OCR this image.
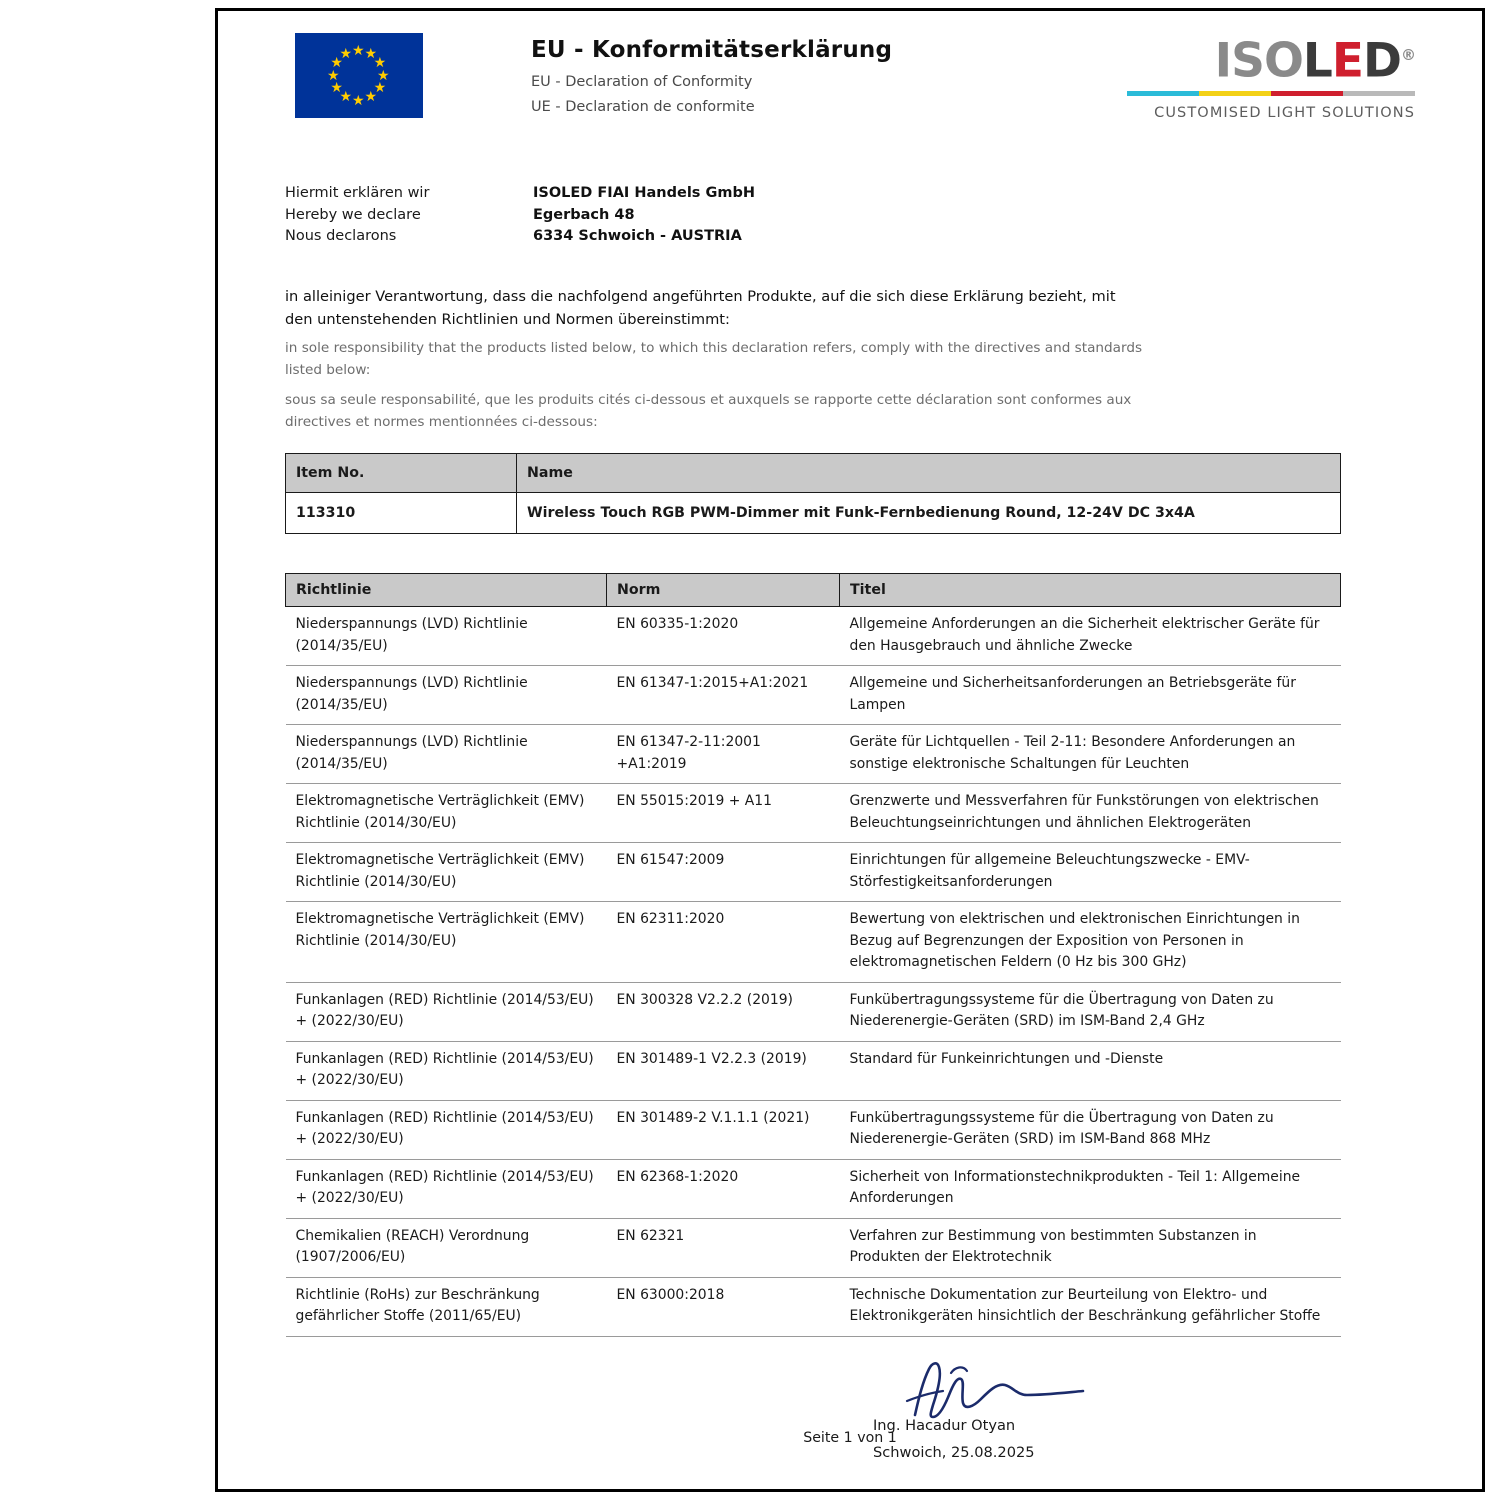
★ ★
★
★
★
★
★
★
★
★
★
★	EU - Konformitätserklärung
EU - Declaration of Conformity
UE - Declaration de conformite
ISOLED®
CUSTOMISED LIGHT SOLUTIONS
Hiermit erklären wir
Hereby we declare
Nous declarons
ISOLED FIAI Handels GmbH
Egerbach 48
6334 Schwoich - AUSTRIA
in alleiniger Verantwortung, dass die nachfolgend angeführten Produkte, auf die sich diese Erklärung bezieht, mit
den untenstehenden Richtlinien und Normen übereinstimmt:
in sole responsibility that the products listed below, to which this declaration refers, comply with the directives and standards
listed below:
sous sa seule responsabilité, que les produits cités ci-dessous et auxquels se rapporte cette déclaration sont conformes aux
directives et normes mentionnées ci-dessous:
Item No.	Name
113310	Wireless Touch RGB PWM-Dimmer mit Funk-Fernbedienung Round, 12-24V DC 3x4A
Richtlinie	Norm	Titel
Niederspannungs (LVD) Richtlinie (2014/35/EU)	EN 60335-1:2020	Allgemeine Anforderungen an die Sicherheit elektrischer Geräte für den Hausgebrauch und ähnliche Zwecke
Niederspannungs (LVD) Richtlinie (2014/35/EU)	EN 61347-1:2015+A1:2021	Allgemeine und Sicherheitsanforderungen an Betriebsgeräte für Lampen
Niederspannungs (LVD) Richtlinie (2014/35/EU)	EN 61347-2-11:2001 +A1:2019	Geräte für Lichtquellen - Teil 2-11: Besondere Anforderungen an sonstige elektronische Schaltungen für Leuchten
Elektromagnetische Verträglichkeit (EMV) Richtlinie (2014/30/EU)	EN 55015:2019 + A11	Grenzwerte und Messverfahren für Funkstörungen von elektrischen Beleuchtungseinrichtungen und ähnlichen Elektrogeräten
Elektromagnetische Verträglichkeit (EMV) Richtlinie (2014/30/EU)	EN 61547:2009	Einrichtungen für allgemeine Beleuchtungszwecke - EMV-Störfestigkeitsanforderungen
Elektromagnetische Verträglichkeit (EMV) Richtlinie (2014/30/EU)	EN 62311:2020	Bewertung von elektrischen und elektronischen Einrichtungen in Bezug auf Begrenzungen der Exposition von Personen in elektromagnetischen Feldern (0 Hz bis 300 GHz)
Funkanlagen (RED) Richtlinie (2014/53/EU) + (2022/30/EU)	EN 300328 V2.2.2 (2019)	Funkübertragungssysteme für die Übertragung von Daten zu Niederenergie-Geräten (SRD) im ISM-Band 2,4 GHz
Funkanlagen (RED) Richtlinie (2014/53/EU) + (2022/30/EU)	EN 301489-1 V2.2.3 (2019)	Standard für Funkeinrichtungen und -Dienste
Funkanlagen (RED) Richtlinie (2014/53/EU) + (2022/30/EU)	EN 301489-2 V.1.1.1 (2021)	Funkübertragungssysteme für die Übertragung von Daten zu Niederenergie-Geräten (SRD) im ISM-Band 868 MHz
Funkanlagen (RED) Richtlinie (2014/53/EU) + (2022/30/EU)	EN 62368-1:2020	Sicherheit von Informationstechnikprodukten - Teil 1: Allgemeine Anforderungen
Chemikalien (REACH) Verordnung (1907/2006/EU)	EN 62321	Verfahren zur Bestimmung von bestimmten Substanzen in Produkten der Elektrotechnik
Richtlinie (RoHs) zur Beschränkung gefährlicher Stoffe (2011/65/EU)	EN 63000:2018	Technische Dokumentation zur Beurteilung von Elektro- und Elektronikgeräten hinsichtlich der Beschränkung gefährlicher Stoffe
Ing. Hacadur Otyan
Schwoich, 25.08.2025
Seite 1 von 1
